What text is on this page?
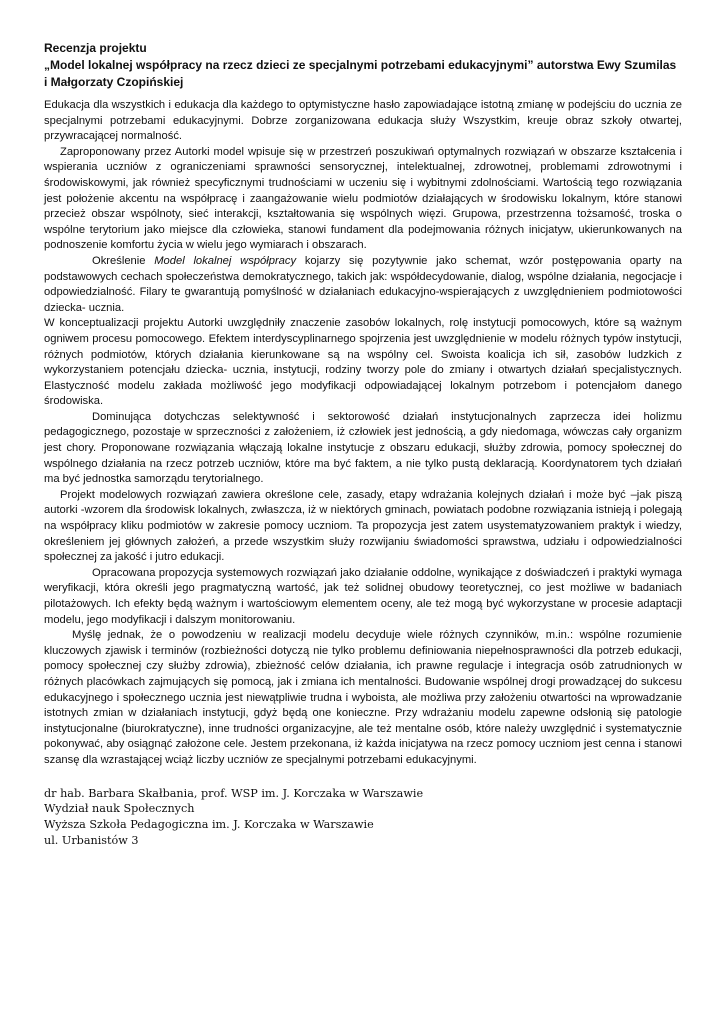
Recenzja projektu
„Model lokalnej współpracy na rzecz dzieci ze specjalnymi potrzebami edukacyjnymi” autorstwa Ewy Szumilas i Małgorzaty Czopińskiej

Edukacja dla wszystkich i edukacja dla każdego to optymistyczne hasło zapowiadające istotną zmianę w podejściu do ucznia ze specjalnymi potrzebami edukacyjnymi. Dobrze zorganizowana edukacja służy Wszystkim, kreuje obraz szkoły otwartej, przywracającej normalność.

Zaproponowany przez Autorki model wpisuje się w przestrzeń poszukiwań optymalnych rozwiązań w obszarze kształcenia i wspierania uczniów z ograniczeniami sprawności sensorycznej, intelektualnej, zdrowotnej, problemami zdrowotnymi i środowiskowymi, jak również specyficznymi trudnościami w uczeniu się i wybitnymi zdolnościami. Wartością tego rozwiązania jest położenie akcentu na współpracę i zaangażowanie wielu podmiotów działających w środowisku lokalnym, które stanowi przecież obszar wspólnoty, sieć interakcji, kształtowania się wspólnych więzi. Grupowa, przestrzenna tożsamość, troska o wspólne terytorium jako miejsce dla człowieka, stanowi fundament dla podejmowania różnych inicjatyw, ukierunkowanych na podnoszenie komfortu życia w wielu jego wymiarach i obszarach.

Określenie Model lokalnej współpracy kojarzy się pozytywnie jako schemat, wzór postępowania oparty na podstawowych cechach społeczeństwa demokratycznego, takich jak: współdecydowanie, dialog, wspólne działania, negocjacje i odpowiedzialność. Filary te gwarantują pomyślność w działaniach edukacyjno-wspierających z uwzględnieniem podmiotowości dziecka- ucznia.

W konceptualizacji projektu Autorki uwzględniły znaczenie zasobów lokalnych, rolę instytucji pomocowych, które są ważnym ogniwem procesu pomocowego. Efektem interdyscyplinarnego spojrzenia jest uwzględnienie w modelu różnych typów instytucji, różnych podmiotów, których działania kierunkowane są na wspólny cel. Swoista koalicja ich sił, zasobów ludzkich z wykorzystaniem potencjału dziecka- ucznia, instytucji, rodziny tworzy pole do zmiany i otwartych działań specjalistycznych. Elastyczność modelu zakłada możliwość jego modyfikacji odpowiadającej lokalnym potrzebom i potencjałom danego środowiska.

Dominująca dotychczas selektywność i sektorowość działań instytucjonalnych zaprzecza idei holizmu pedagogicznego, pozostaje w sprzeczności z założeniem, iż człowiek jest jednością, a gdy niedomaga, wówczas cały organizm jest chory. Proponowane rozwiązania włączają lokalne instytucje z obszaru edukacji, służby zdrowia, pomocy społecznej do wspólnego działania na rzecz potrzeb uczniów, które ma być faktem, a nie tylko pustą deklaracją. Koordynatorem tych działań ma być jednostka samorządu terytorialnego.

Projekt modelowych rozwiązań zawiera określone cele, zasady, etapy wdrażania kolejnych działań i może być –jak piszą autorki -wzorem dla środowisk lokalnych, zwłaszcza, iż w niektórych gminach, powiatach podobne rozwiązania istnieją i polegają na współpracy kliku podmiotów w zakresie pomocy uczniom. Ta propozycja jest zatem usystematyzowaniem praktyk i wiedzy, określeniem jej głównych założeń, a przede wszystkim służy rozwijaniu świadomości sprawstwa, udziału i odpowiedzialności społecznej za jakość i jutro edukacji.

Opracowana propozycja systemowych rozwiązań jako działanie oddolne, wynikające z doświadczeń i praktyki wymaga weryfikacji, która określi jego pragmatyczną wartość, jak też solidnej obudowy teoretycznej, co jest możliwe w badaniach pilotażowych. Ich efekty będą ważnym i wartościowym elementem oceny, ale też mogą być wykorzystane w procesie adaptacji modelu, jego modyfikacji i dalszym monitorowaniu.

Myślę jednak, że o powodzeniu w realizacji modelu decyduje wiele różnych czynników, m.in.: wspólne rozumienie kluczowych zjawisk i terminów (rozbieżności dotyczą nie tylko problemu definiowania niepełnosprawności dla potrzeb edukacji, pomocy społecznej czy służby zdrowia), zbieżność celów działania, ich prawne regulacje i integracja osób zatrudnionych w różnych placówkach zajmujących się pomocą, jak i zmiana ich mentalności. Budowanie wspólnej drogi prowadzącej do sukcesu edukacyjnego i społecznego ucznia jest niewątpliwie trudna i wyboista, ale możliwa przy założeniu otwartości na wprowadzanie istotnych zmian w działaniach instytucji, gdyż będą one konieczne. Przy wdrażaniu modelu zapewne odsłonią się patologie instytucjonalne (biurokratyczne), inne trudności organizacyjne, ale też mentalne osób, które należy uwzględnić i systematycznie pokonywać, aby osiągnąć założone cele. Jestem przekonana, iż każda inicjatywa na rzecz pomocy uczniom jest cenna i stanowi szansę dla wzrastającej wciąż liczby uczniów ze specjalnymi potrzebami edukacyjnymi.

dr hab. Barbara Skałbania, prof. WSP im. J. Korczaka w Warszawie
Wydział nauk Społecznych
Wyższa Szkoła Pedagogiczna im. J. Korczaka w Warszawie
ul. Urbanistów 3
